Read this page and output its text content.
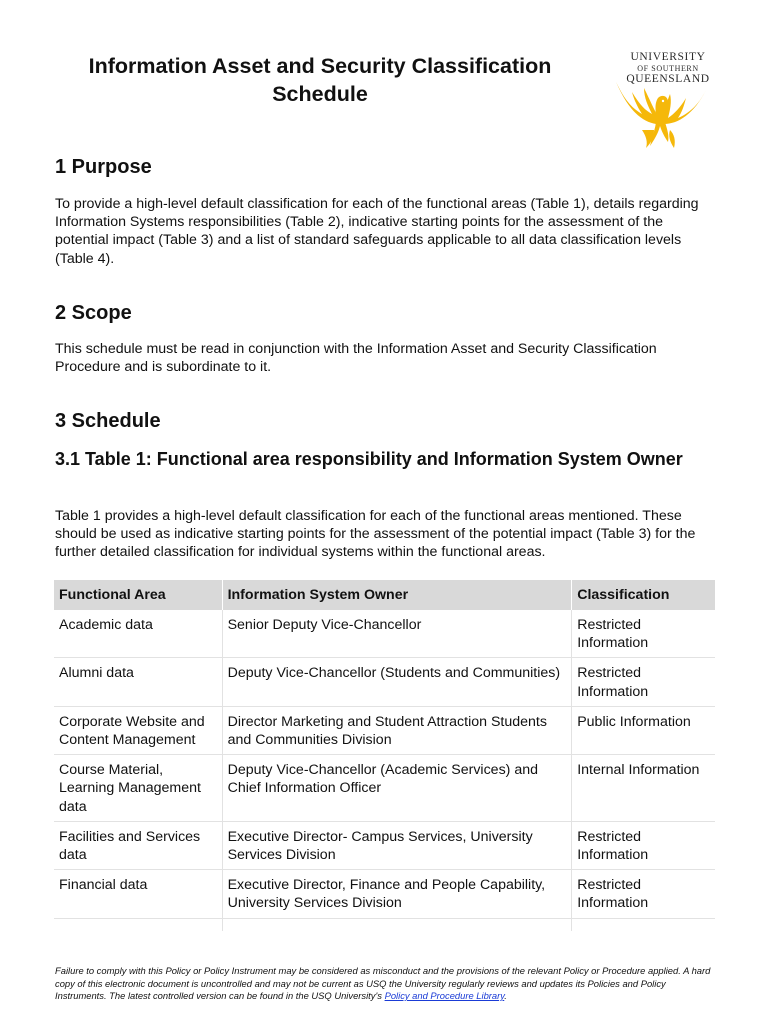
Information Asset and Security Classification
Schedule
UNIVERSITY
OF SOUTHERN
QUEENSLAND
1 Purpose

To provide a high-level default classification for each of the functional areas (Table 1), details regarding Information Systems responsibilities (Table 2), indicative starting points for the assessment of the potential impact (Table 3) and a list of standard safeguards applicable to all data classification levels (Table 4).

2 Scope

This schedule must be read in conjunction with the Information Asset and Security Classification Procedure and is subordinate to it.

3 Schedule
3.1 Table 1: Functional area responsibility and Information System Owner

Table 1 provides a high-level default classification for each of the functional areas mentioned. These should be used as indicative starting points for the assessment of the potential impact (Table 3) for the further detailed classification for individual systems within the functional areas.

Functional Area	Information System Owner	Classification
Academic data	Senior Deputy Vice-Chancellor	Restricted Information
Alumni data	Deputy Vice-Chancellor (Students and Communities)	Restricted Information
Corporate Website and Content Management	Director Marketing and Student Attraction Students and Communities Division	Public Information
Course Material, Learning Management data	Deputy Vice-Chancellor (Academic Services) and Chief Information Officer	Internal Information
Facilities and Services data	Executive Director- Campus Services, University Services Division	Restricted Information
Financial data	Executive Director, Finance and People Capability, University Services Division	Restricted Information

Failure to comply with this Policy or Policy Instrument may be considered as misconduct and the provisions of the relevant Policy or Procedure applied. A hard copy of this electronic document is uncontrolled and may not be current as USQ the University regularly reviews and updates its Policies and Policy Instruments. The latest controlled version can be found in the USQ University's Policy and Procedure Library.
